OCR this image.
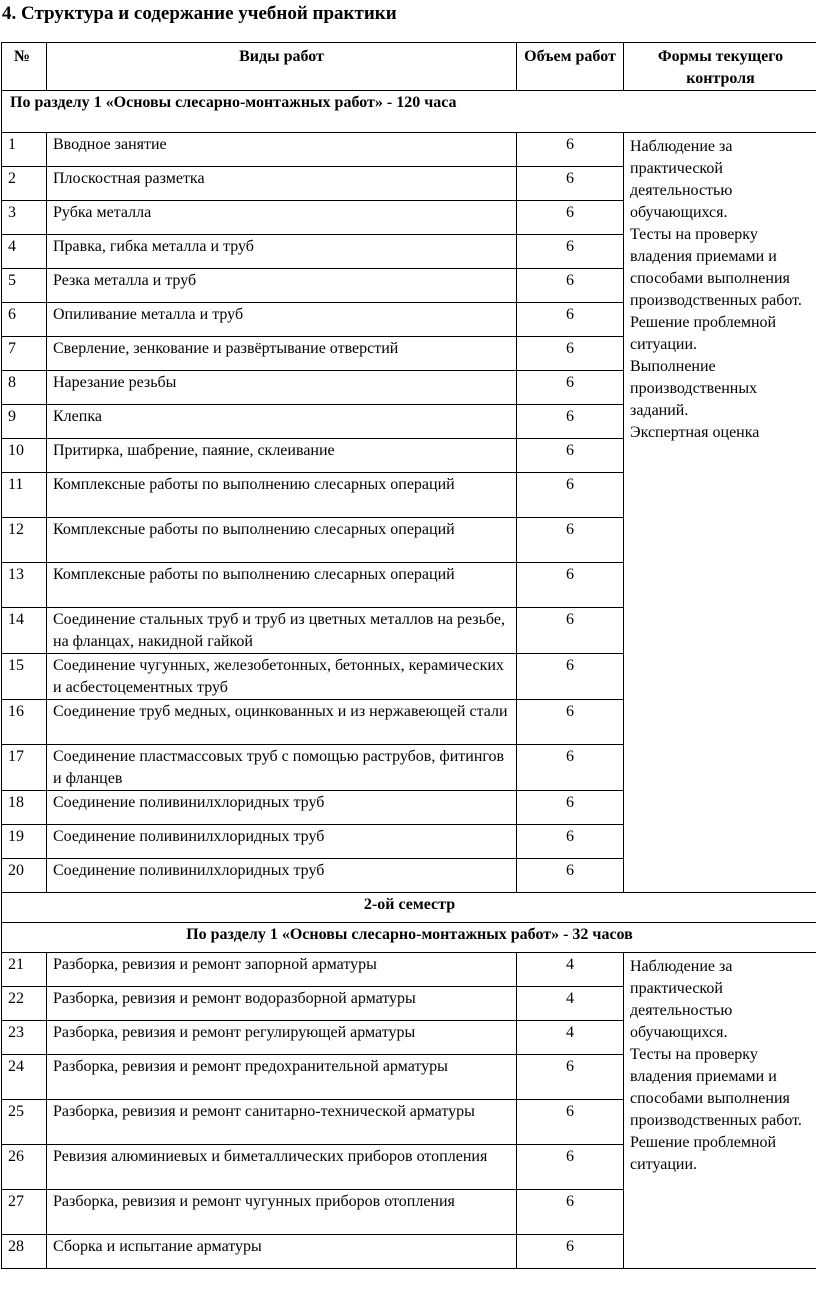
4. Структура и содержание учебной практики
№	Виды работ	Объем работ	Формы текущего контроля
По разделу 1 «Основы слесарно-монтажных работ» - 120 часа			
1	Вводное занятие	6	Наблюдение за практической деятельностью обучающихся.
Тесты на проверку владения приемами и способами выполнения производственных работ.
Решение проблемной ситуации.
Выполнение производственных заданий.
Экспертная оценка
2	Плоскостная разметка	6	
3	Рубка металла	6	
4	Правка, гибка металла и труб	6	
5	Резка металла и труб	6	
6	Опиливание металла и труб	6	
7	Сверление, зенкование и развёртывание отверстий	6	
8	Нарезание резьбы	6	
9	Клепка	6	
10	Притирка, шабрение, паяние, склеивание	6	
11	Комплексные работы по выполнению слесарных операций	6	
12	Комплексные работы по выполнению слесарных операций	6	
13	Комплексные работы по выполнению слесарных операций	6	
14	Соединение стальных труб и труб из цветных металлов на резьбе, на фланцах, накидной гайкой	6	
15	Соединение чугунных, железобетонных, бетонных, керамических и асбестоцементных труб	6	
16	Соединение труб медных, оцинкованных и из нержавеющей стали	6	
17	Соединение пластмассовых труб с помощью раструбов, фитингов и фланцев	6	
18	Соединение поливинилхлоридных труб	6	
19	Соединение поливинилхлоридных труб	6	
20	Соединение поливинилхлоридных труб	6	
2-ой семестр			
По разделу 1 «Основы слесарно-монтажных работ» - 32 часов			
21	Разборка, ревизия и ремонт запорной арматуры	4	Наблюдение за практической деятельностью обучающихся.
Тесты на проверку владения приемами и способами выполнения производственных работ.
Решение проблемной ситуации.
22	Разборка, ревизия и ремонт водоразборной арматуры	4	
23	Разборка, ревизия и ремонт регулирующей арматуры	4	
24	Разборка, ревизия и ремонт предохранительной арматуры	6	
25	Разборка, ревизия и ремонт санитарно-технической арматуры	6	
26	Ревизия алюминиевых и биметаллических приборов отопления	6	
27	Разборка, ревизия и ремонт чугунных приборов отопления	6	
28	Сборка и испытание арматуры	6	
